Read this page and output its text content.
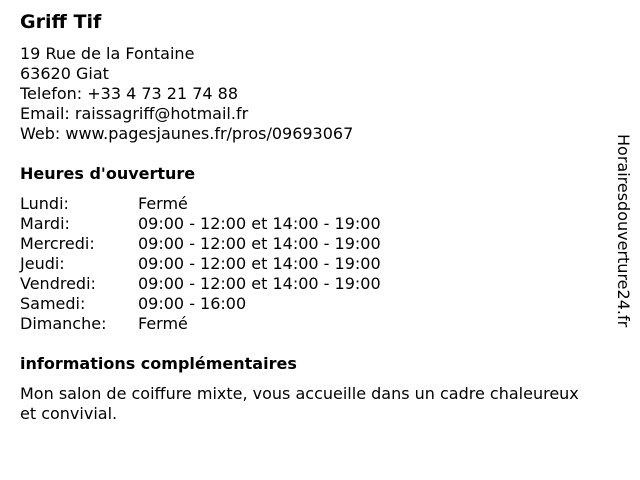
Griff Tif
19 Rue de la Fontaine
63620 Giat
Telefon: +33 4 73 21 74 88
Email: raissagriff@hotmail.fr
Web: www.pagesjaunes.fr/pros/09693067
Heures d'ouverture
Lundi:	Fermé
Mardi:	09:00 - 12:00 et 14:00 - 19:00
Mercredi:	09:00 - 12:00 et 14:00 - 19:00
Jeudi:	09:00 - 12:00 et 14:00 - 19:00
Vendredi:	09:00 - 12:00 et 14:00 - 19:00
Samedi:	09:00 - 16:00
Dimanche:	Fermé
informations complémentaires
Mon salon de coiffure mixte, vous accueille dans un cadre chaleureux
et convivial.
Horairesdouverture24.fr
